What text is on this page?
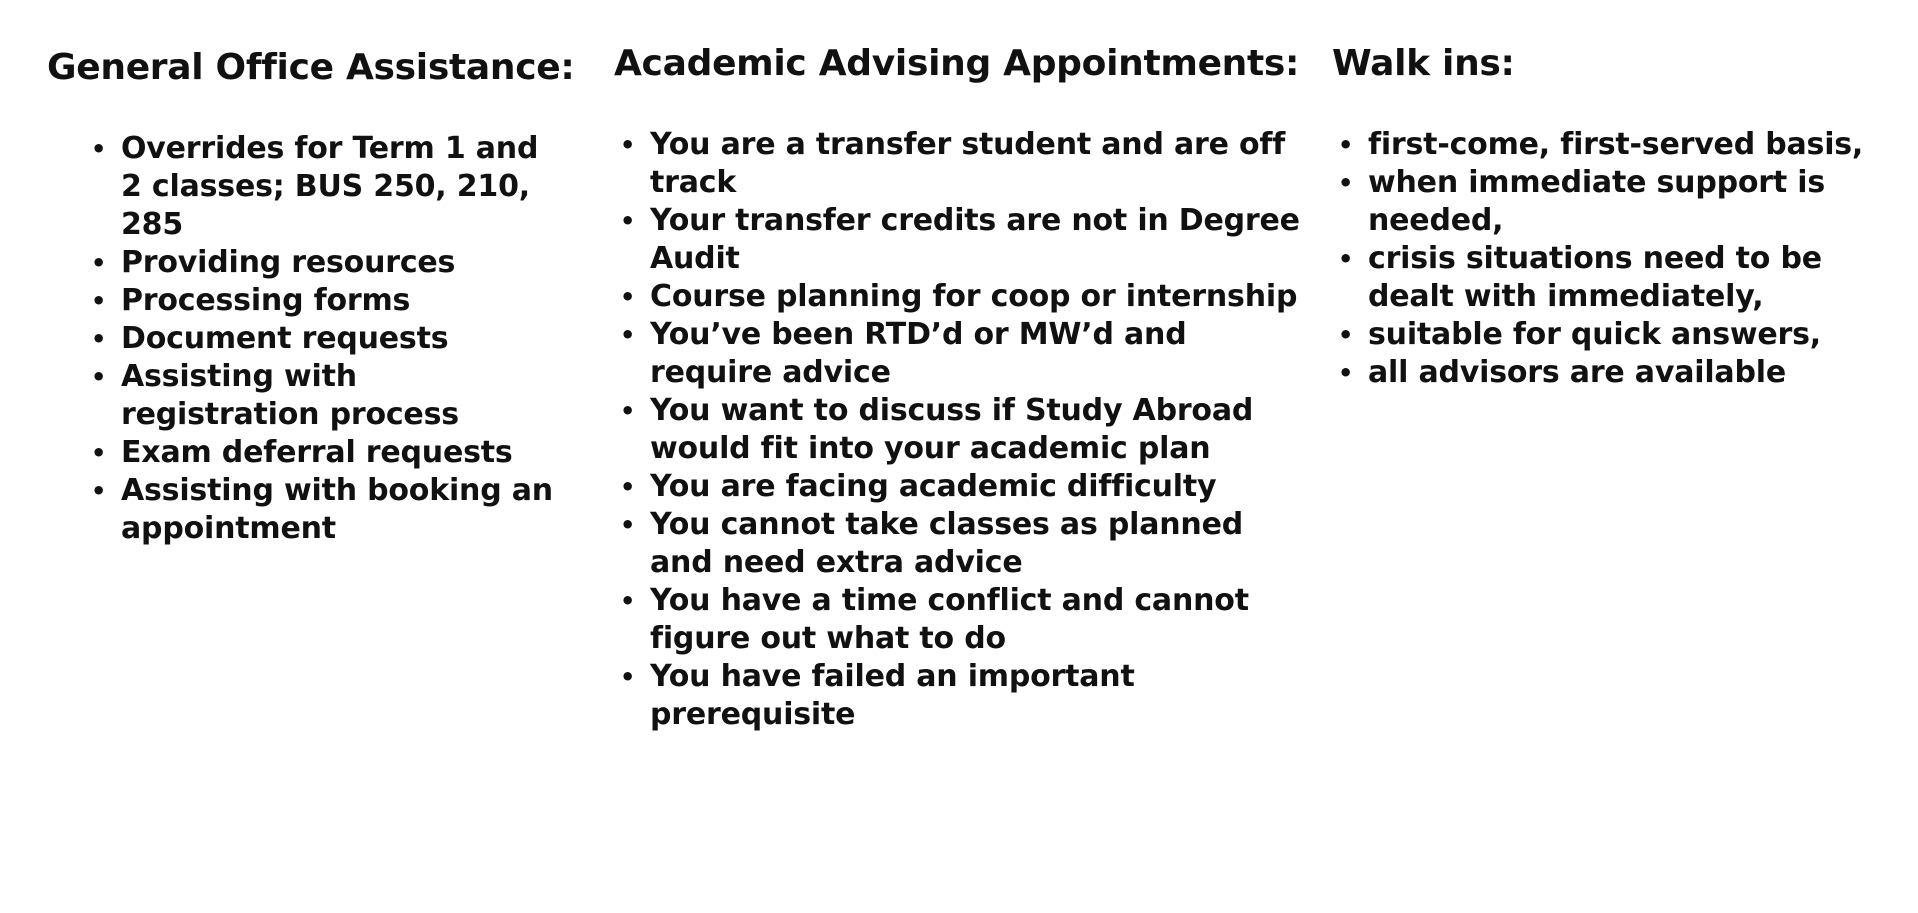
General Office Assistance:
• Overrides for Term 1 and 2 classes; BUS 250, 210, 285
• Providing resources
• Processing forms
• Document requests
• Assisting with registration process
• Exam deferral requests
• Assisting with booking an appointment
Academic Advising Appointments:
• You are a transfer student and are off track
• Your transfer credits are not in Degree Audit
• Course planning for coop or internship
• You’ve been RTD’d or MW’d and require advice
• You want to discuss if Study Abroad would fit into your academic plan
• You are facing academic difficulty
• You cannot take classes as planned and need extra advice
• You have a time conflict and cannot figure out what to do
• You have failed an important prerequisite
Walk ins:
• first-come, first-served basis,
• when immediate support is needed,
• crisis situations need to be dealt with immediately,
• suitable for quick answers,
• all advisors are available
